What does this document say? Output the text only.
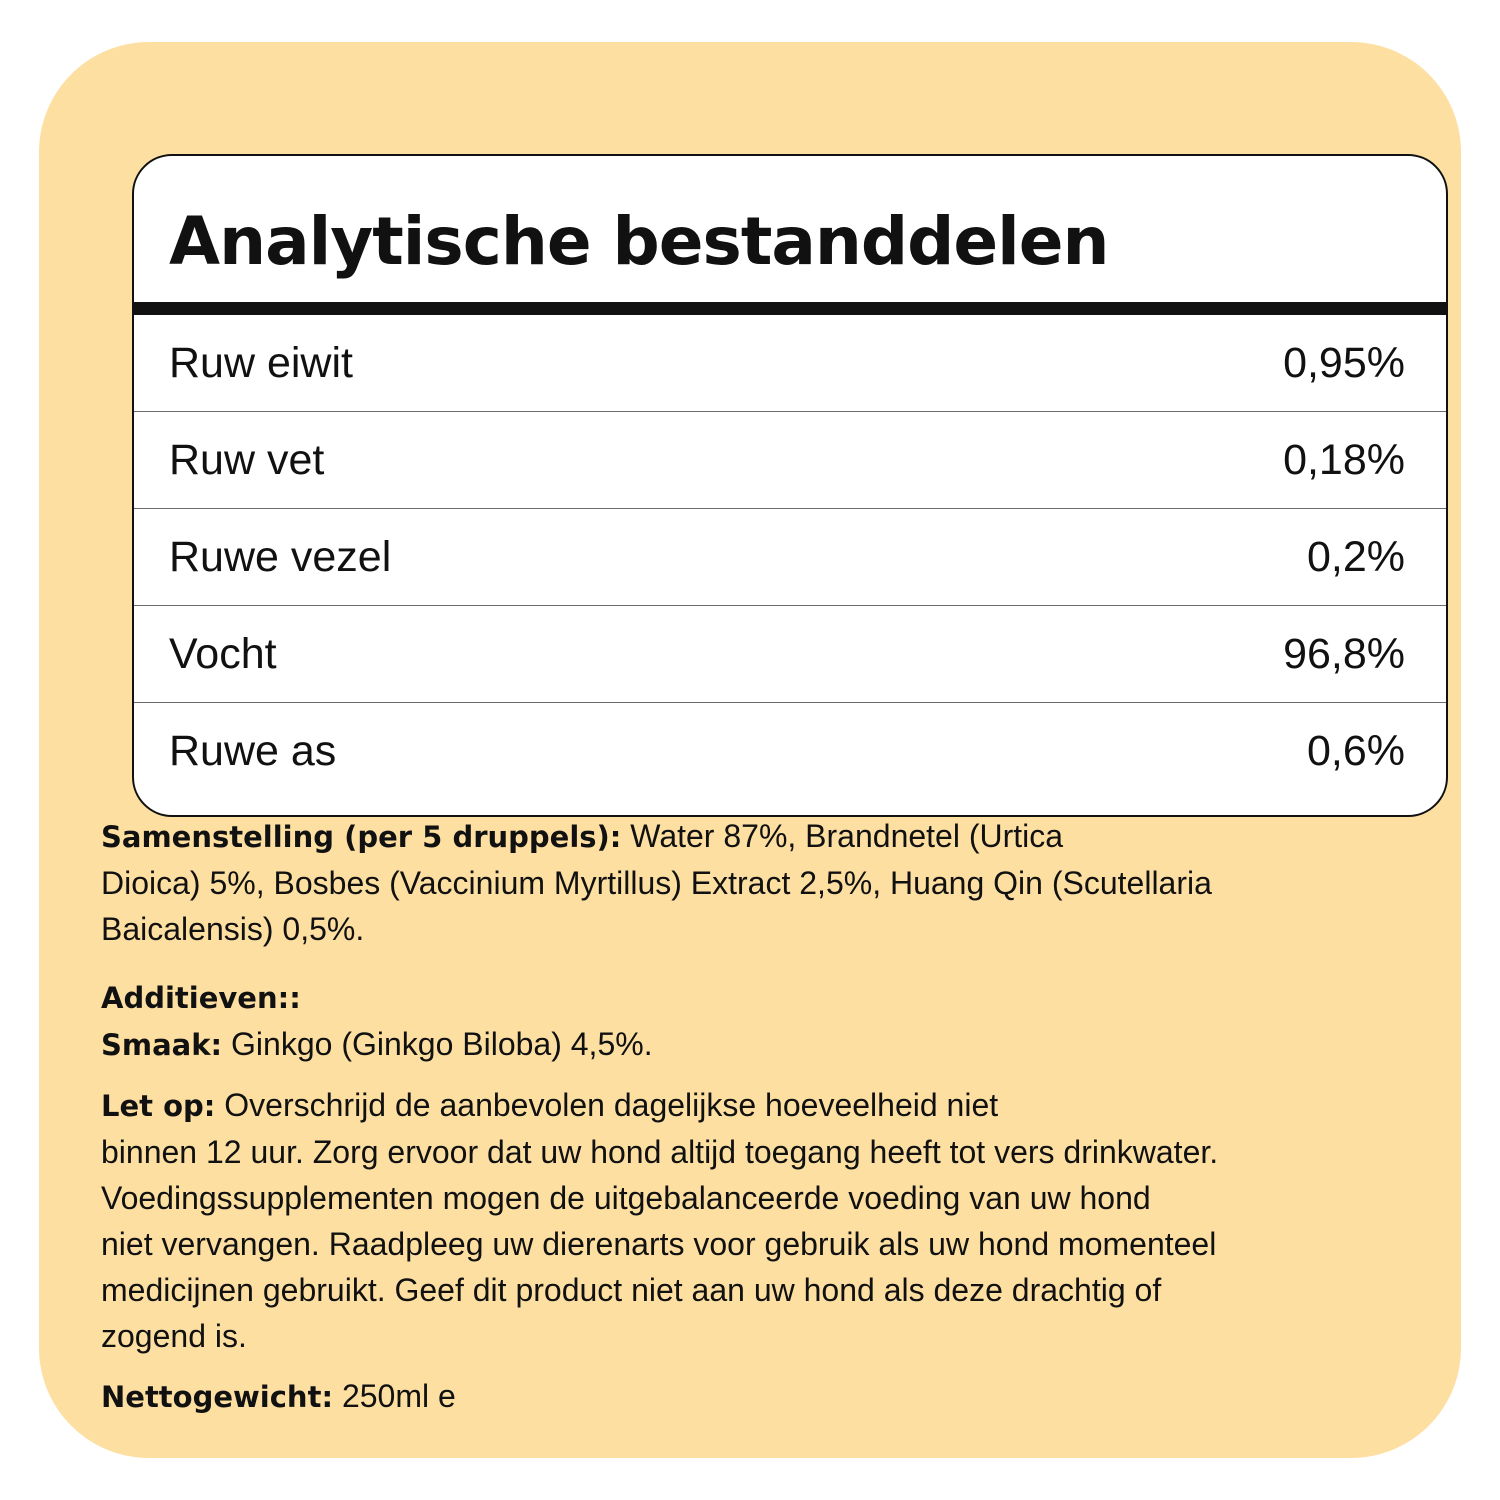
Analytische bestanddelen
Ruw eiwit	0,95%
Ruw vet	0,18%
Ruwe vezel	0,2%
Vocht	96,8%
Ruwe as	0,6%

Samenstelling (per 5 druppels): Water 87%, Brandnetel (Urtica
Dioica) 5%, Bosbes (Vaccinium Myrtillus) Extract 2,5%, Huang Qin (Scutellaria
Baicalensis) 0,5%.

Additieven::
Smaak: Ginkgo (Ginkgo Biloba) 4,5%.

Let op: Overschrijd de aanbevolen dagelijkse hoeveelheid niet
binnen 12 uur. Zorg ervoor dat uw hond altijd toegang heeft tot vers drinkwater.
Voedingssupplementen mogen de uitgebalanceerde voeding van uw hond
niet vervangen. Raadpleeg uw dierenarts voor gebruik als uw hond momenteel
medicijnen gebruikt. Geef dit product niet aan uw hond als deze drachtig of
zogend is.

Nettogewicht: 250ml e
